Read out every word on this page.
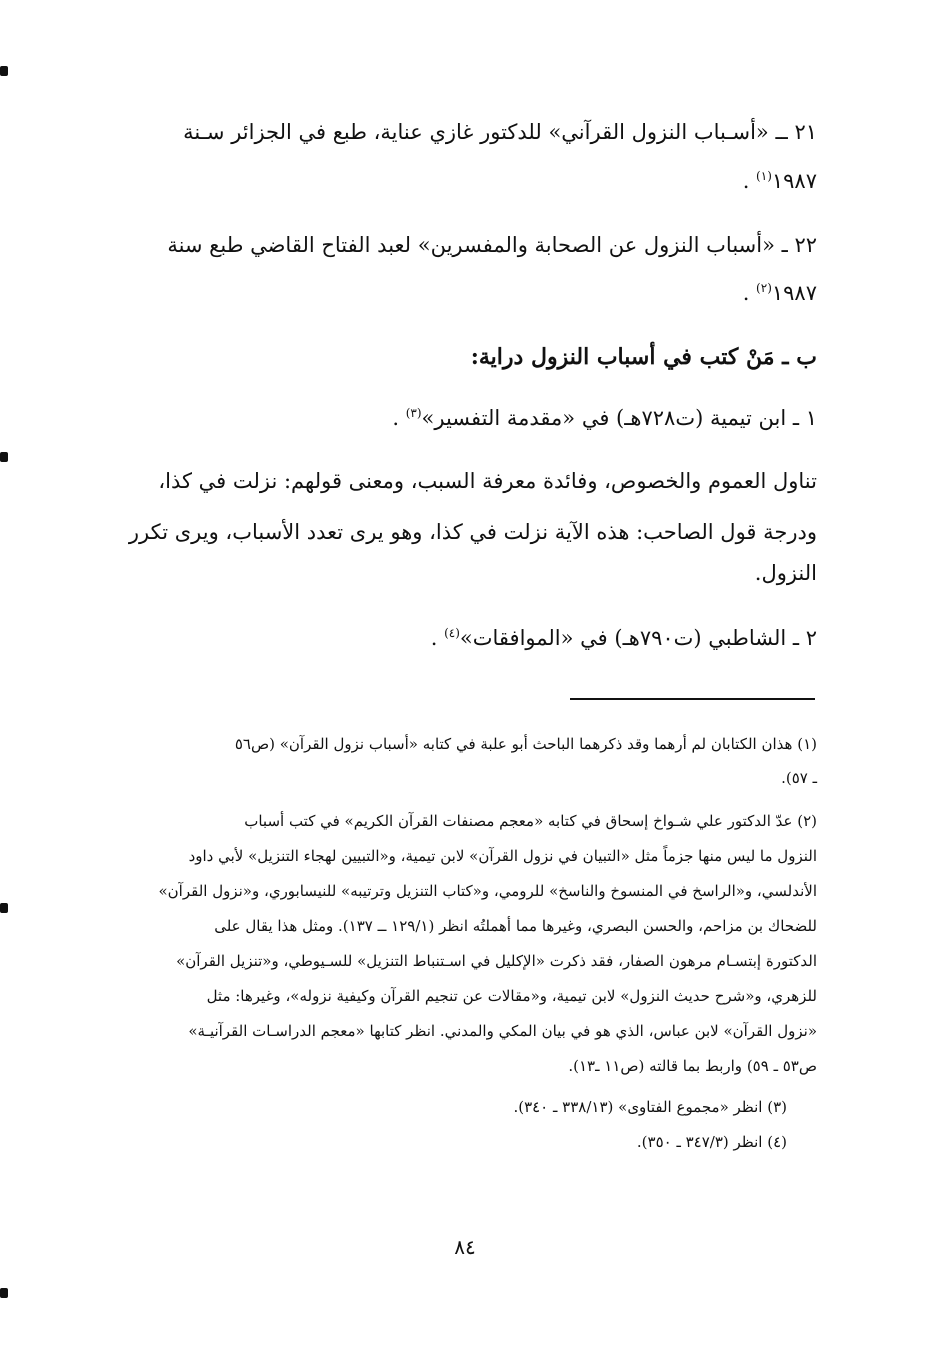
٢١ ــ «أسـباب النزول القرآني» للدكتور غازي عناية، طبع في الجزائر سـنة
١٩٨٧$^{(١)}$ .
٢٢ ـ «أسباب النزول عن الصحابة والمفسرين» لعبد الفتاح القاضي طبع سنة
١٩٨٧$^{(٢)}$ .
ب ـ مَنْ كتب في أسباب النزول دراية:
١ ـ ابن تيمية (ت٧٢٨هـ) في «مقدمة التفسير»$^{(٣)}$ .
تناول العموم والخصوص، وفائدة معرفة السبب، ومعنى قولهم: نزلت في كذا،
ودرجة قول الصاحب: هذه الآية نزلت في كذا، وهو يرى تعدد الأسباب، ويرى تكرر
النزول.
٢ ـ الشاطبي (ت٧٩٠هـ) في «الموافقات»$^{(٤)}$ .
(١) هذان الكتابان لم أرهما وقد ذكرهما الباحث أبو علبة في كتابه «أسباب نزول القرآن» (ص٥٦
ـ ٥٧).
(٢) عدّ الدكتور علي شـواخ إسحاق في كتابه «معجم مصنفات القرآن الكريم» في كتب أسباب
النزول ما ليس منها جزماً مثل «التبيان في نزول القرآن» لابن تيمية، و«التبيين لهجاء التنزيل» لأبي داود
الأندلسي، و«الراسخ في المنسوخ والناسخ» للرومي، و«كتاب التنزيل وترتيبه» للنيسابوري، و«نزول القرآن»
للضحاك بن مزاحم، والحسن البصري، وغيرها مما أهملتُه انظر (١٢٩/١ ــ ١٣٧). ومثل هذا يقال على
الدكتورة إبتسـام مرهون الصفار، فقد ذكرت «الإكليل في اسـتنباط التنزيل» للسـيوطي، و«تنزيل القرآن»
للزهري، و«شرح حديث النزول» لابن تيمية، و«مقالات عن تنجيم القرآن وكيفية نزوله»، وغيرها: مثل
«نزول القرآن» لابن عباس، الذي هو في بيان المكي والمدني. انظر كتابها «معجم الدراسـات القرآنيـة»
ص٥٣ ـ ٥٩) واربط بما قالته (ص١١ ـ١٣).
(٣) انظر «مجموع الفتاوى» (٣٣٨/١٣ ـ ٣٤٠).
(٤) انظر (٣٤٧/٣ ـ ٣٥٠).
٨٤
